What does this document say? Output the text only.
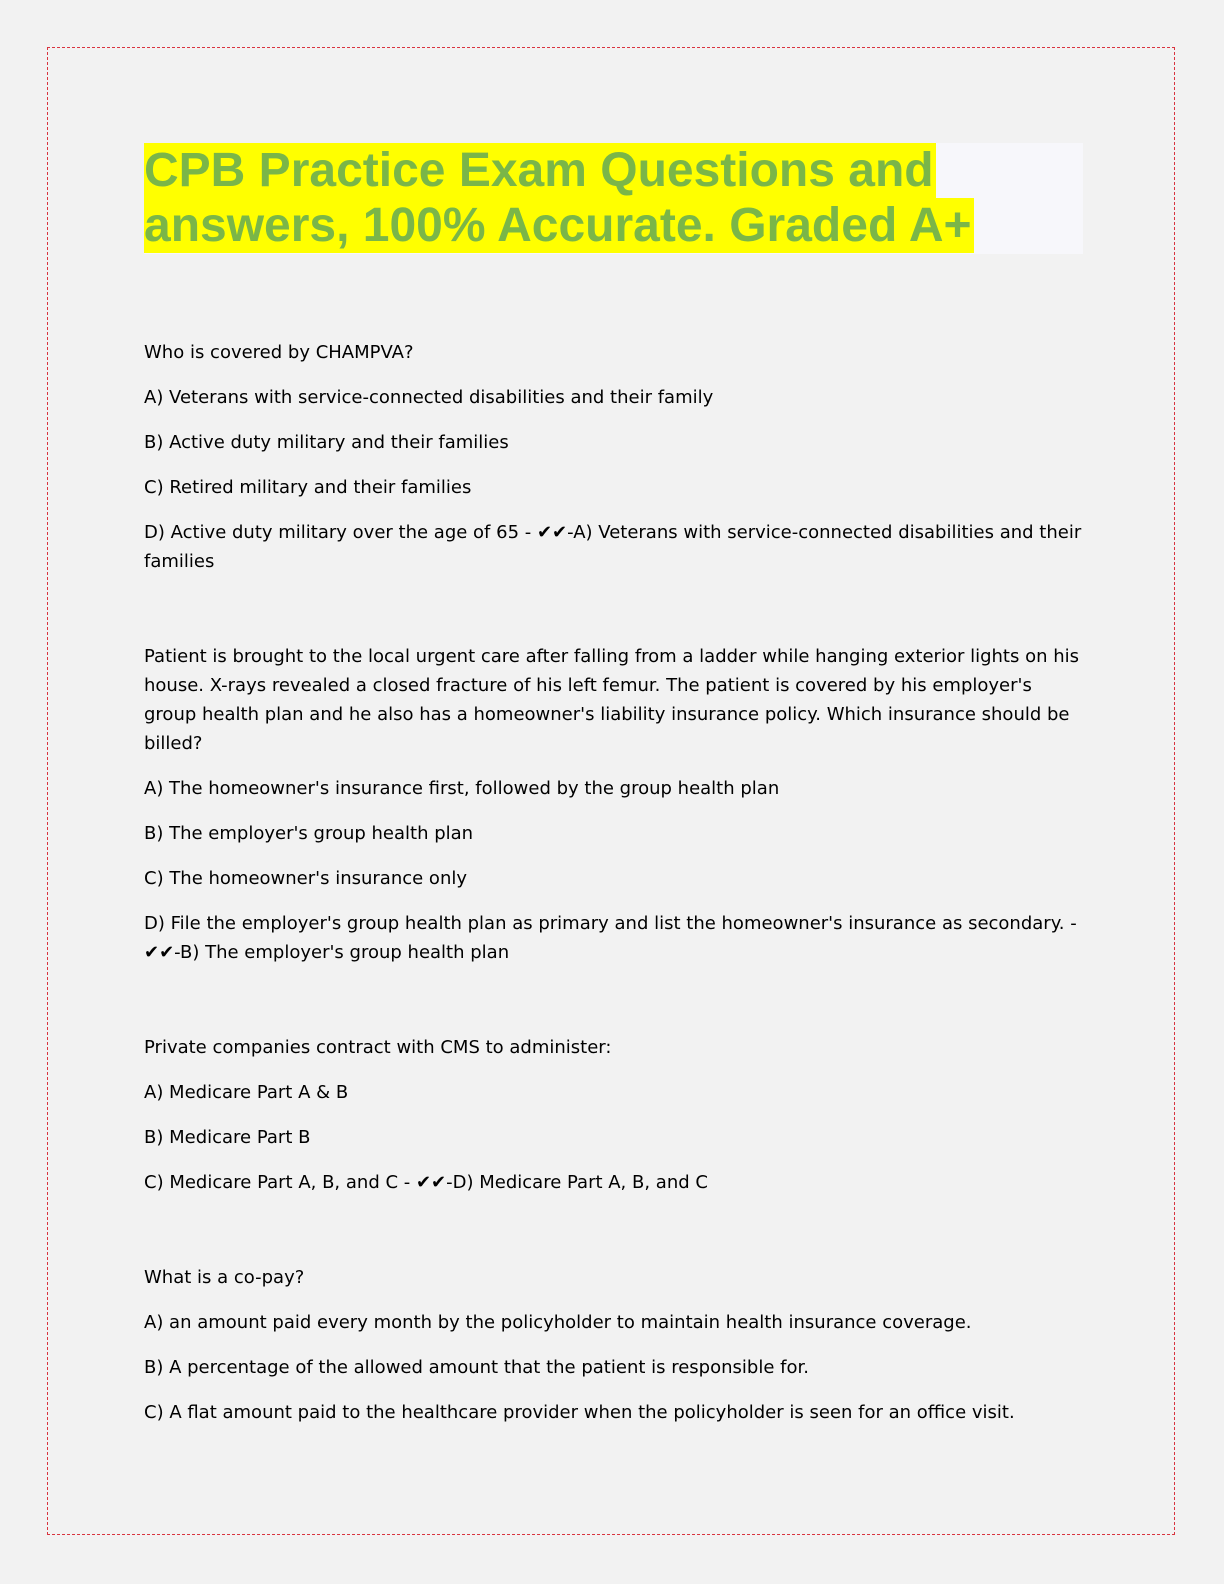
CPB Practice Exam Questions and
answers, 100% Accurate. Graded A+
Who is covered by CHAMPVA?
A) Veterans with service-connected disabilities and their family
B) Active duty military and their families
C) Retired military and their families
D) Active duty military over the age of 65 - ✔✔-A) Veterans with service-connected disabilities and their families
Patient is brought to the local urgent care after falling from a ladder while hanging exterior lights on his house. X-rays revealed a closed fracture of his left femur. The patient is covered by his employer's group health plan and he also has a homeowner's liability insurance policy. Which insurance should be billed?
A) The homeowner's insurance first, followed by the group health plan
B) The employer's group health plan
C) The homeowner's insurance only
D) File the employer's group health plan as primary and list the homeowner's insurance as secondary. - ✔✔-B) The employer's group health plan
Private companies contract with CMS to administer:
A) Medicare Part A & B
B) Medicare Part B
C) Medicare Part A, B, and C - ✔✔-D) Medicare Part A, B, and C
What is a co-pay?
A) an amount paid every month by the policyholder to maintain health insurance coverage.
B) A percentage of the allowed amount that the patient is responsible for.
C) A flat amount paid to the healthcare provider when the policyholder is seen for an office visit.
